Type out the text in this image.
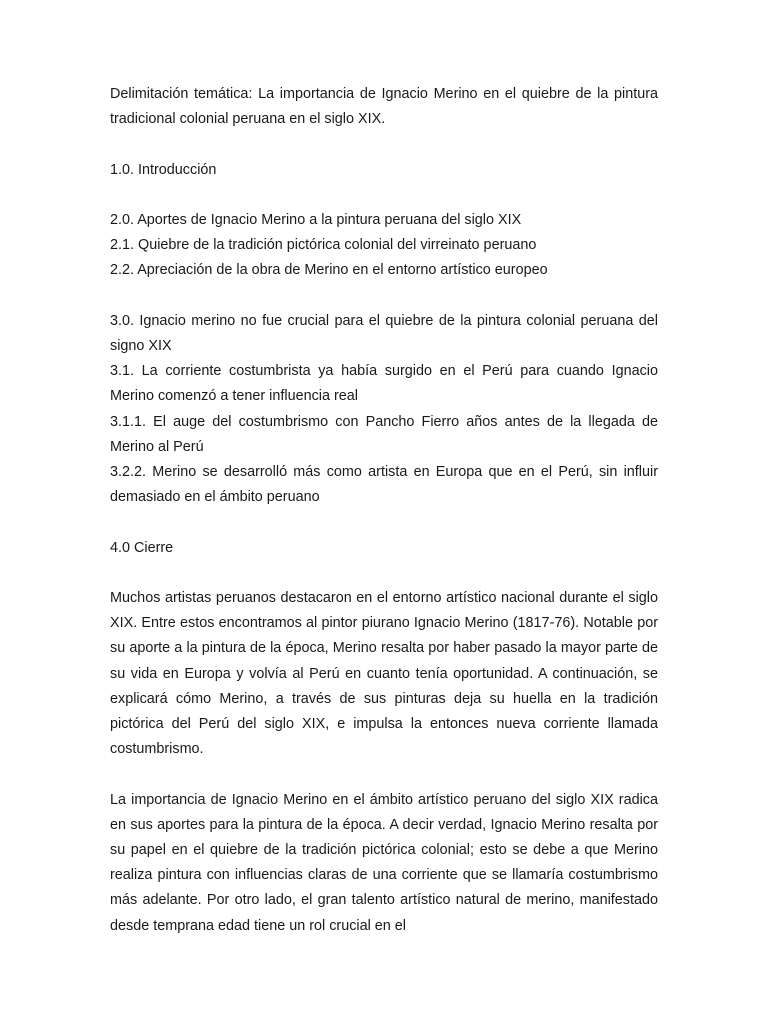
Delimitación temática: La importancia de Ignacio Merino en el quiebre de la pintura tradicional colonial peruana en el siglo XIX.

1.0. Introducción

2.0. Aportes de Ignacio Merino a la pintura peruana del siglo XIX

2.1. Quiebre de la tradición pictórica colonial del virreinato peruano

2.2. Apreciación de la obra de Merino en el entorno artístico europeo

3.0. Ignacio merino no fue crucial para el quiebre de la pintura colonial peruana del signo XIX

3.1. La corriente costumbrista ya había surgido en el Perú para cuando Ignacio Merino comenzó a tener influencia real

3.1.1. El auge del costumbrismo con Pancho Fierro años antes de la llegada de Merino al Perú

3.2.2. Merino se desarrolló más como artista en Europa que en el Perú, sin influir demasiado en el ámbito peruano

4.0 Cierre

Muchos artistas peruanos destacaron en el entorno artístico nacional durante el siglo XIX. Entre estos encontramos al pintor piurano Ignacio Merino (1817-76). Notable por su aporte a la pintura de la época, Merino resalta por haber pasado la mayor parte de su vida en Europa y volvía al Perú en cuanto tenía oportunidad. A continuación, se explicará cómo Merino, a través de sus pinturas deja su huella en la tradición pictórica del Perú del siglo XIX, e impulsa la entonces nueva corriente llamada costumbrismo.

La importancia de Ignacio Merino en el ámbito artístico peruano del siglo XIX radica en sus aportes para la pintura de la época. A decir verdad, Ignacio Merino resalta por su papel en el quiebre de la tradición pictórica colonial; esto se debe a que Merino realiza pintura con influencias claras de una corriente que se llamaría costumbrismo más adelante. Por otro lado, el gran talento artístico natural de merino, manifestado desde temprana edad tiene un rol crucial en el
